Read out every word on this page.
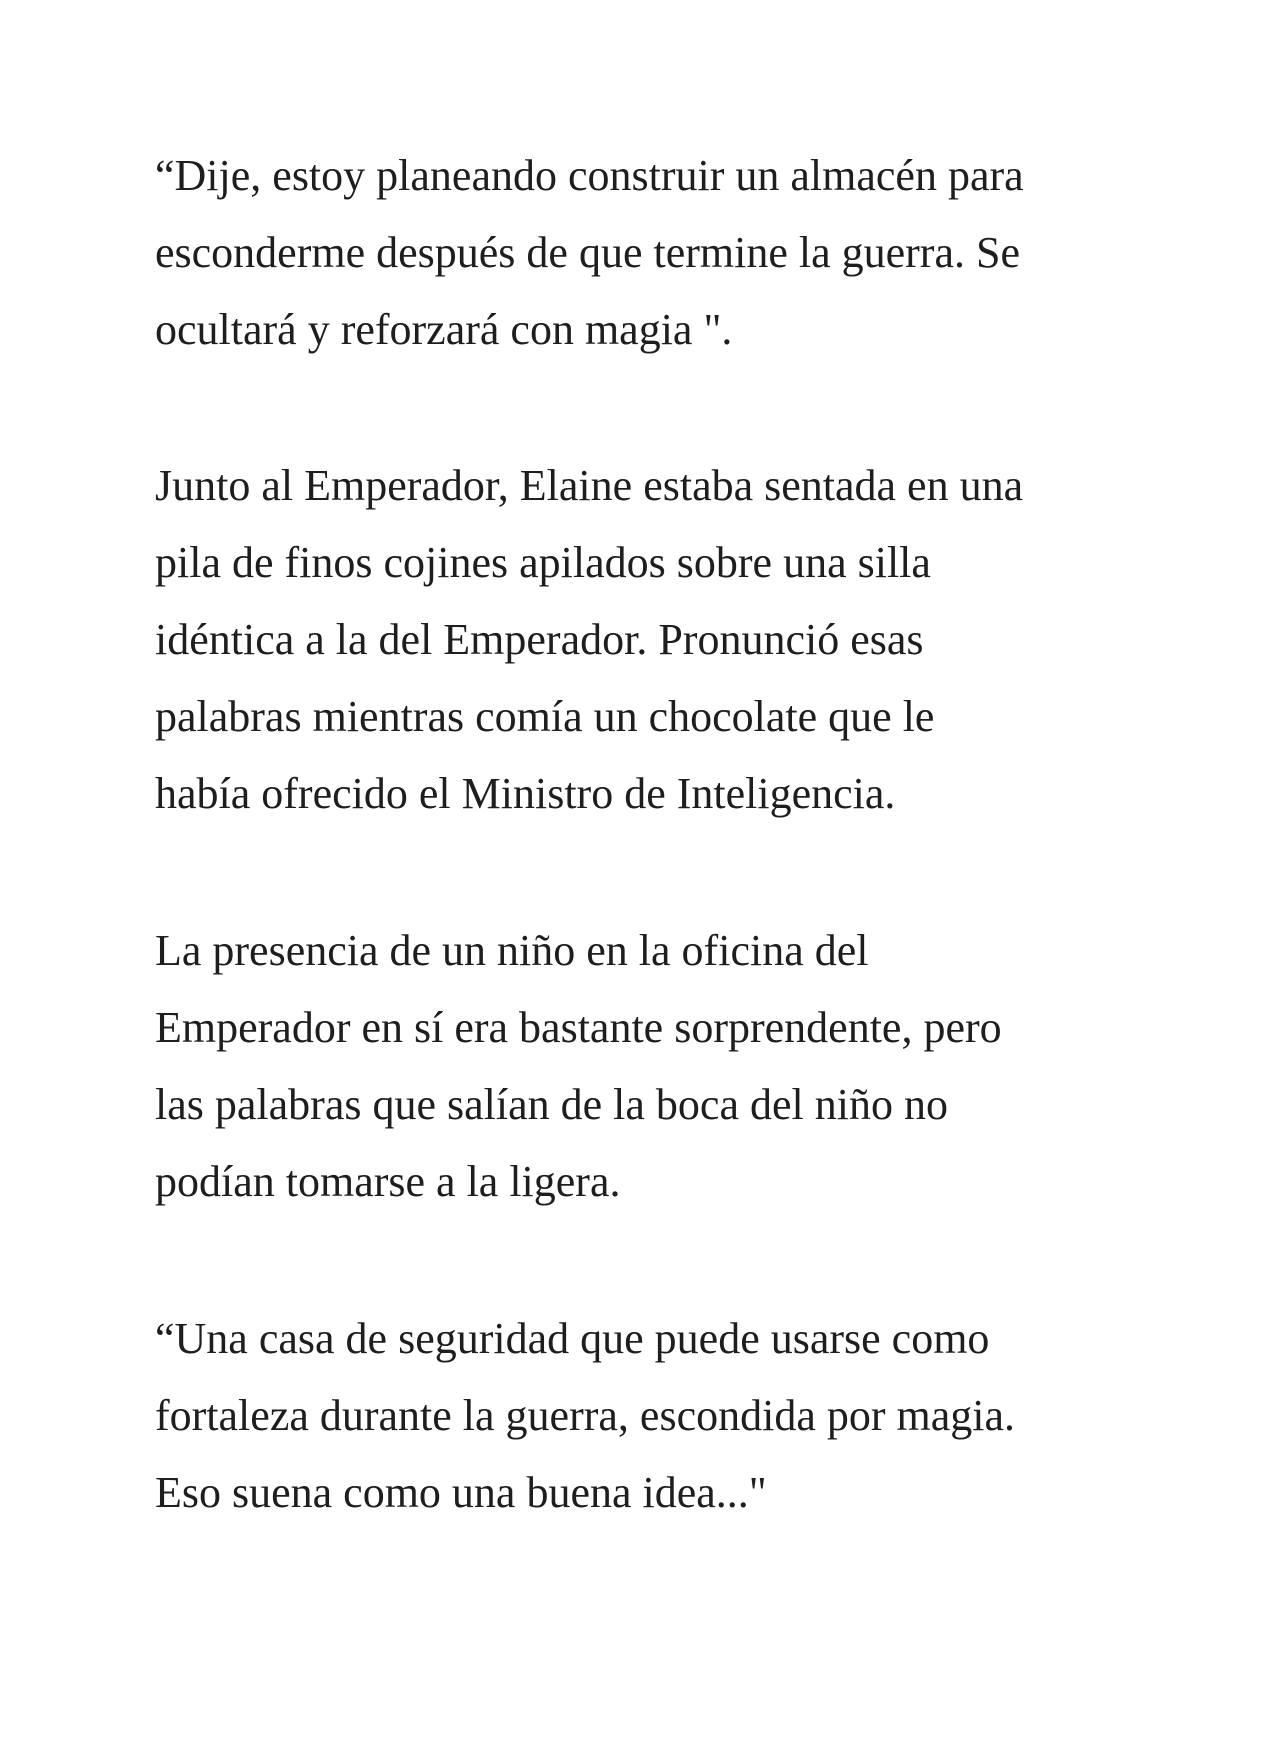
“Dije, estoy planeando construir un almacén para
esconderme después de que termine la guerra. Se
ocultará y reforzará con magia ".
Junto al Emperador, Elaine estaba sentada en una
pila de finos cojines apilados sobre una silla
idéntica a la del Emperador. Pronunció esas
palabras mientras comía un chocolate que le
había ofrecido el Ministro de Inteligencia.
La presencia de un niño en la oficina del
Emperador en sí era bastante sorprendente, pero
las palabras que salían de la boca del niño no
podían tomarse a la ligera.
“Una casa de seguridad que puede usarse como
fortaleza durante la guerra, escondida por magia.
Eso suena como una buena idea..."
